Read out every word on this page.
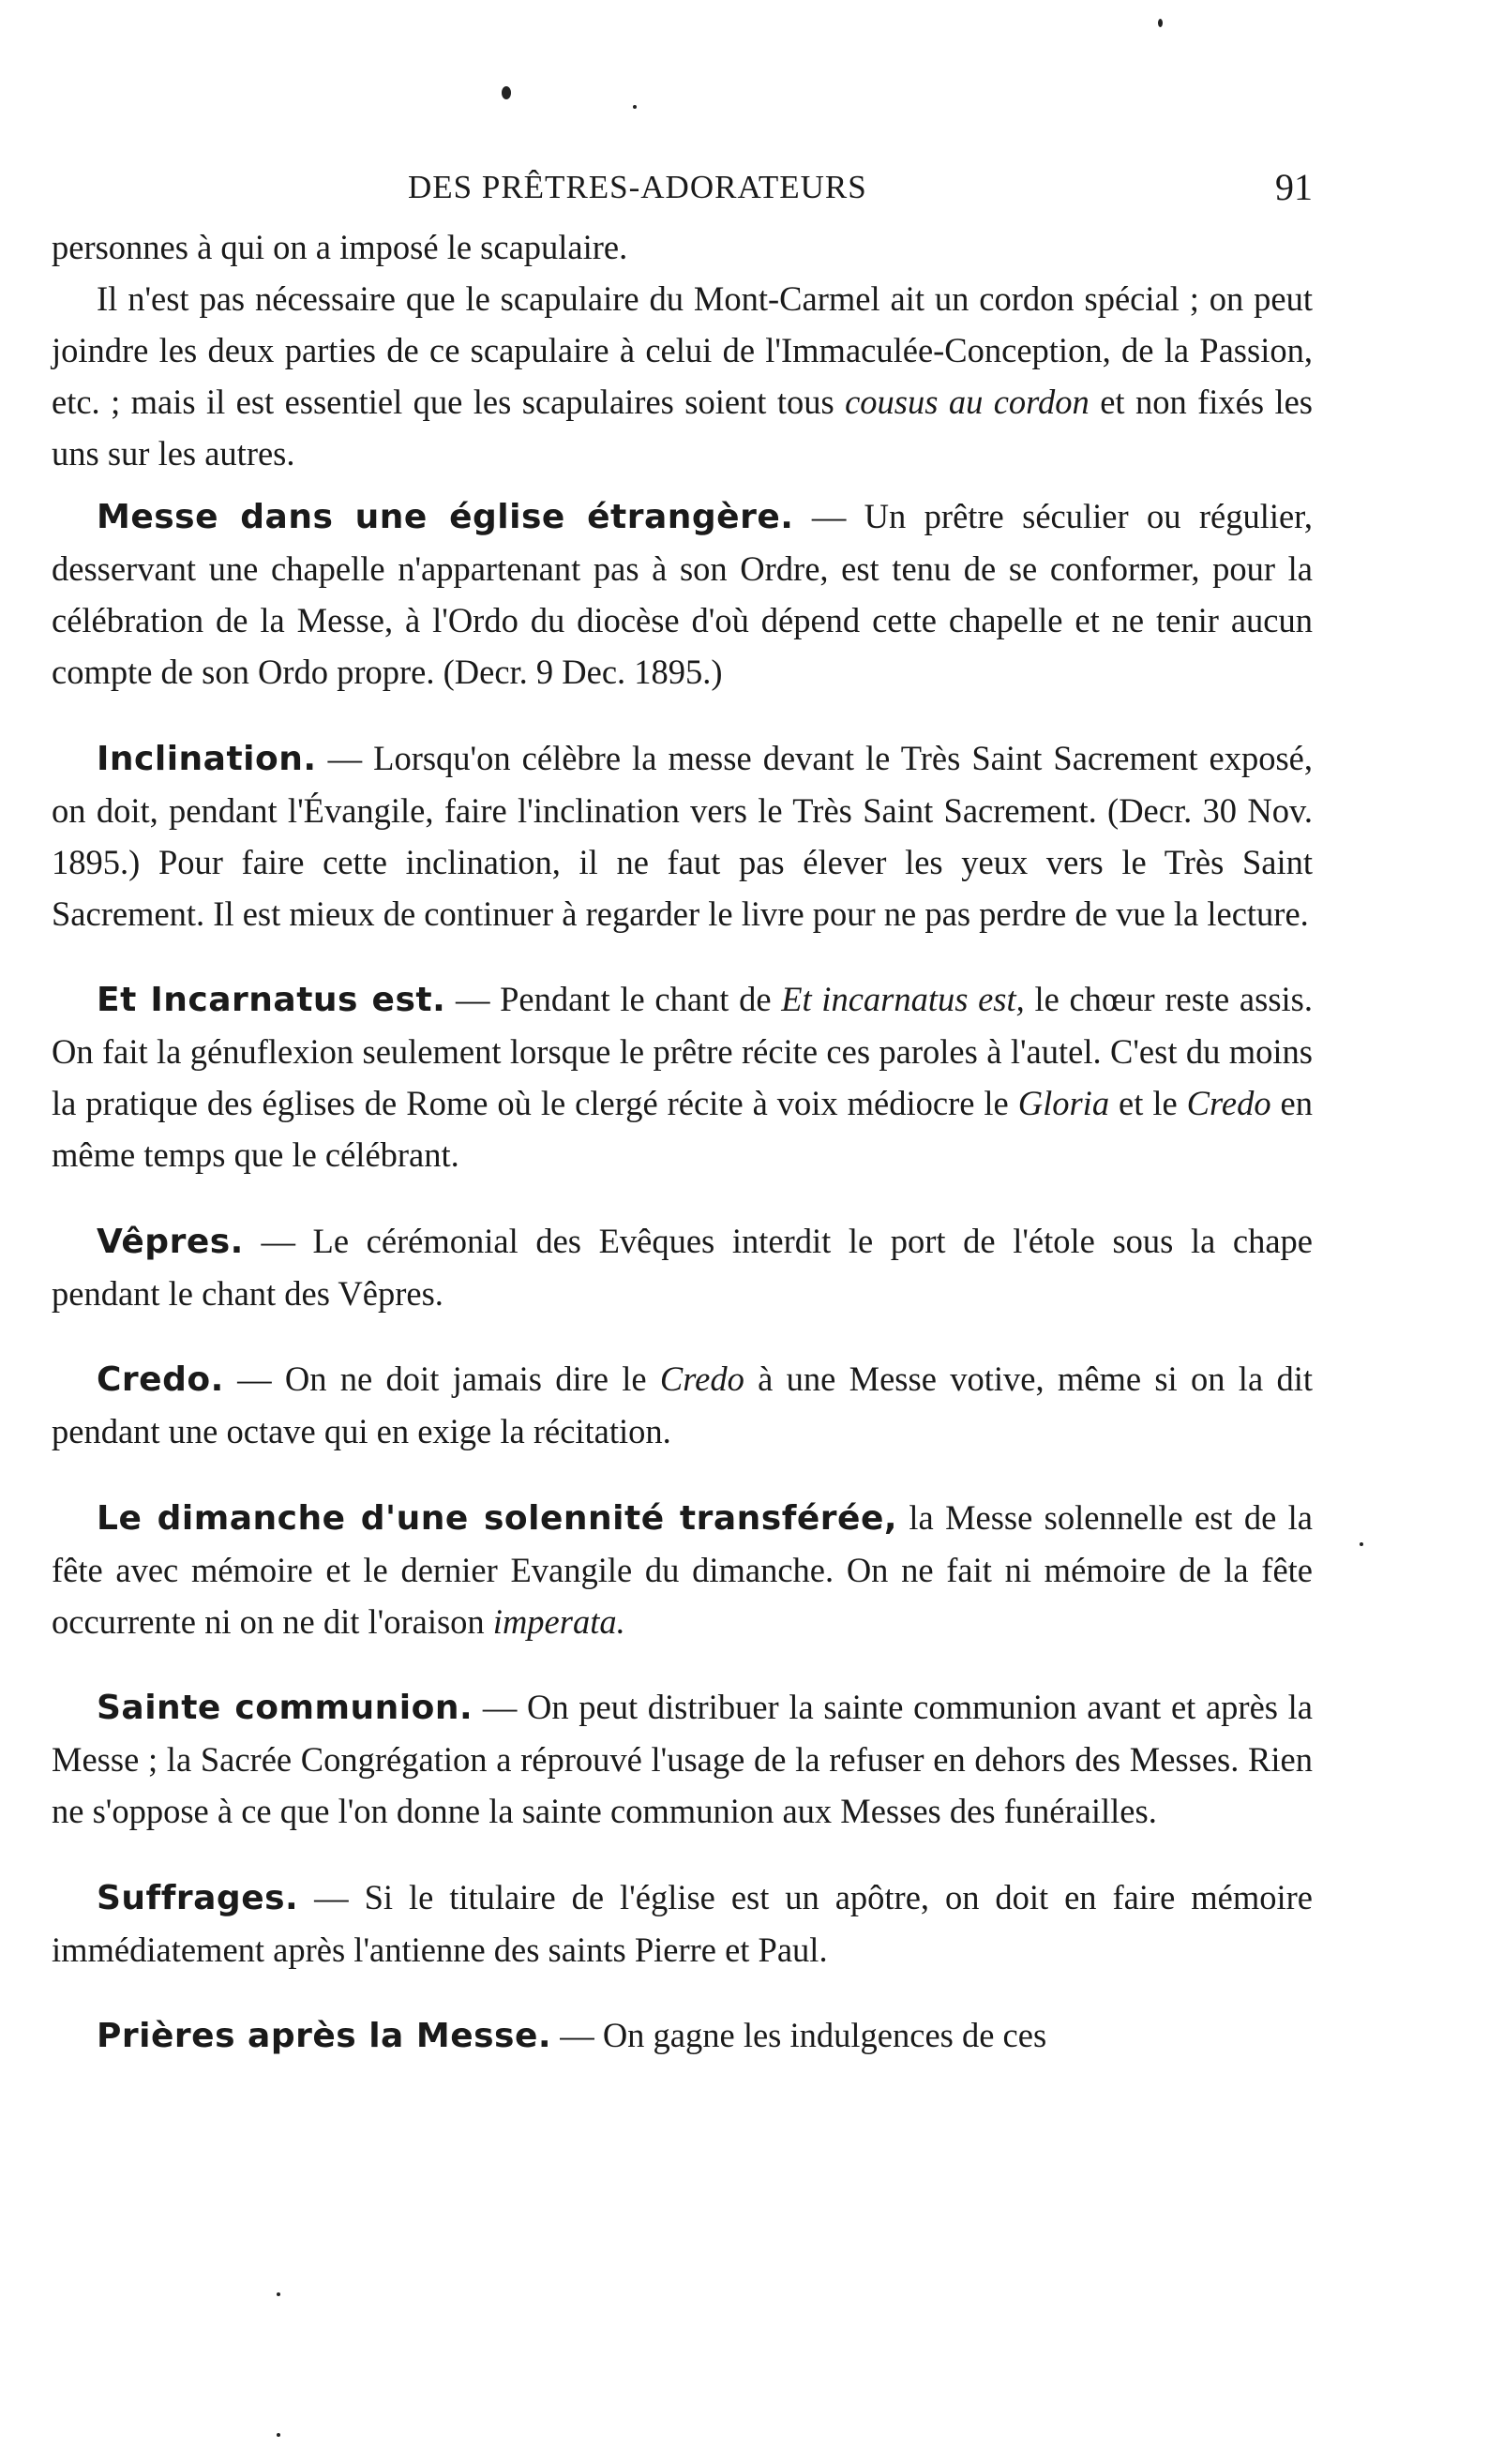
DES PRÊTRES-ADORATEURS	91

personnes à qui on a imposé le scapulaire.

Il n'est pas nécessaire que le scapulaire du Mont-Carmel ait un cordon spécial ; on peut joindre les deux parties de ce scapulaire à celui de l'Immaculée-Conception, de la Passion, etc. ; mais il est essentiel que les scapulaires soient tous cousus au cordon et non fixés les uns sur les autres.

Messe dans une église étrangère. — Un prêtre séculier ou régulier, desservant une chapelle n'appartenant pas à son Ordre, est tenu de se conformer, pour la célébration de la Messe, à l'Ordo du diocèse d'où dépend cette chapelle et ne tenir aucun compte de son Ordo propre. (Decr. 9 Dec. 1895.)

Inclination. — Lorsqu'on célèbre la messe devant le Très Saint Sacrement exposé, on doit, pendant l'Évangile, faire l'inclination vers le Très Saint Sacrement. (Decr. 30 Nov. 1895.) Pour faire cette inclination, il ne faut pas élever les yeux vers le Très Saint Sacrement. Il est mieux de continuer à regarder le livre pour ne pas perdre de vue la lecture.

Et Incarnatus est. — Pendant le chant de Et incarnatus est, le chœur reste assis. On fait la génuflexion seulement lorsque le prêtre récite ces paroles à l'autel. C'est du moins la pratique des églises de Rome où le clergé récite à voix médiocre le Gloria et le Credo en même temps que le célébrant.

Vêpres. — Le cérémonial des Evêques interdit le port de l'étole sous la chape pendant le chant des Vêpres.

Credo. — On ne doit jamais dire le Credo à une Messe votive, même si on la dit pendant une octave qui en exige la récitation.

Le dimanche d'une solennité transférée, la Messe solennelle est de la fête avec mémoire et le dernier Evangile du dimanche. On ne fait ni mémoire de la fête occurrente ni on ne dit l'oraison imperata.

Sainte communion. — On peut distribuer la sainte communion avant et après la Messe ; la Sacrée Congrégation a réprouvé l'usage de la refuser en dehors des Messes. Rien ne s'oppose à ce que l'on donne la sainte communion aux Messes des funérailles.

Suffrages. — Si le titulaire de l'église est un apôtre, on doit en faire mémoire immédiatement après l'antienne des saints Pierre et Paul.

Prières après la Messe. — On gagne les indulgences de ces
